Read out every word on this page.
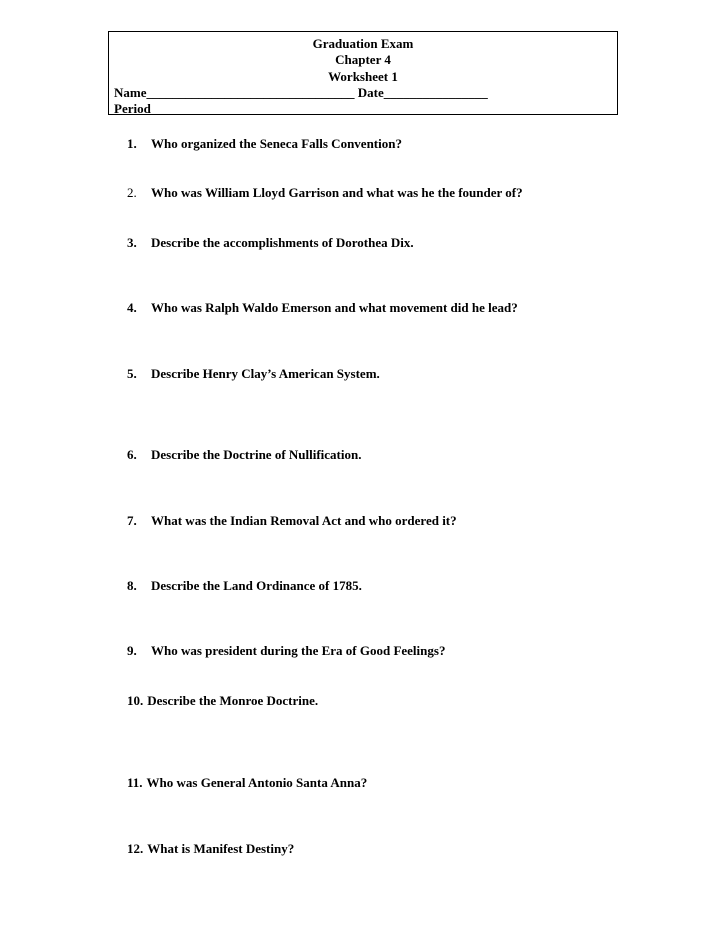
Graduation Exam
Chapter 4
Worksheet 1
Name________________________________ Date________________
Period________
1. Who organized the Seneca Falls Convention?
2. Who was William Lloyd Garrison and what was he the founder of?
3. Describe the accomplishments of Dorothea Dix.
4. Who was Ralph Waldo Emerson and what movement did he lead?
5. Describe Henry Clay’s American System.
6. Describe the Doctrine of Nullification.
7. What was the Indian Removal Act and who ordered it?
8. Describe the Land Ordinance of 1785.
9. Who was president during the Era of Good Feelings?
10. Describe the Monroe Doctrine.
11. Who was General Antonio Santa Anna?
12. What is Manifest Destiny?
